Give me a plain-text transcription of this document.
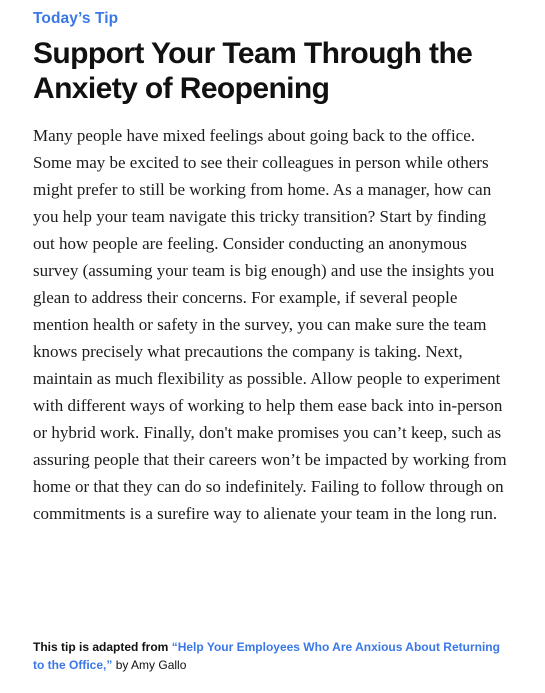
Today’s Tip
Support Your Team Through the Anxiety of Reopening

Many people have mixed feelings about going back to the office. Some may be excited to see their colleagues in person while others might prefer to still be working from home. As a manager, how can you help your team navigate this tricky transition? Start by finding out how people are feeling. Consider conducting an anonymous survey (assuming your team is big enough) and use the insights you glean to address their concerns. For example, if several people mention health or safety in the survey, you can make sure the team knows precisely what precautions the company is taking. Next, maintain as much flexibility as possible. Allow people to experiment with different ways of working to help them ease back into in-person or hybrid work. Finally, don't make promises you can’t keep, such as assuring people that their careers won’t be impacted by working from home or that they can do so indefinitely. Failing to follow through on commitments is a surefire way to alienate your team in the long run.

This tip is adapted from “Help Your Employees Who Are Anxious About Returning to the Office,” by Amy Gallo
